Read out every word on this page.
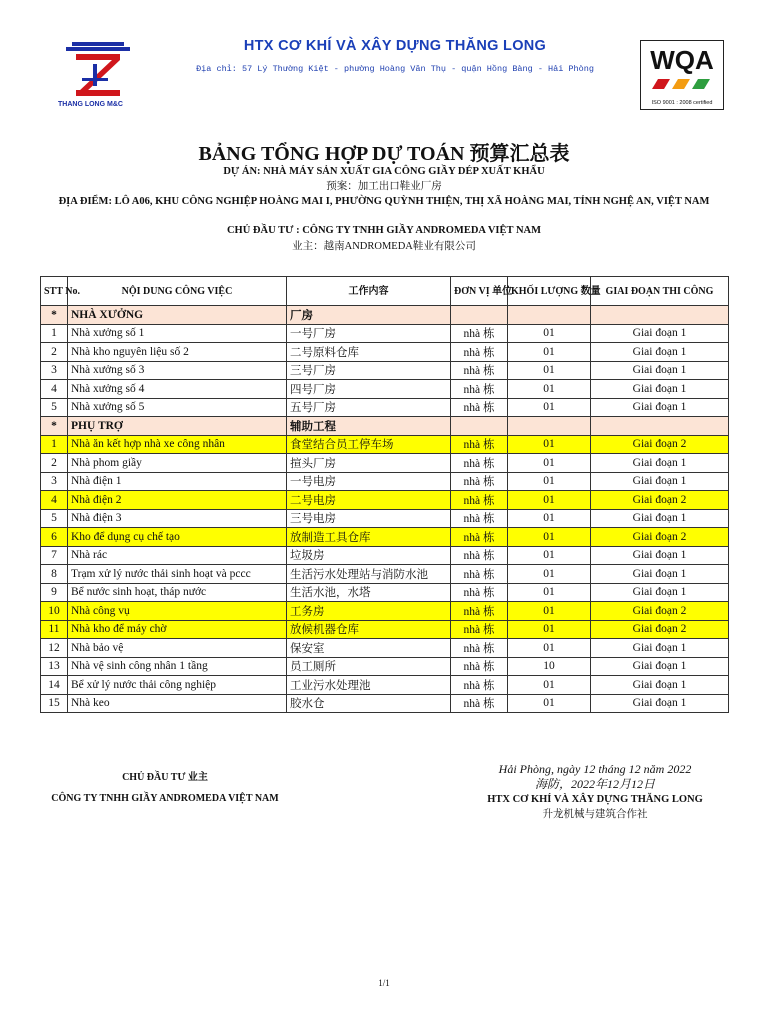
THANG LONG M&C
HTX CƠ KHÍ VÀ XÂY DỰNG THĂNG LONG
Địa chỉ: 57 Lý Thường Kiệt - phường Hoàng Văn Thụ - quận Hồng Bàng - Hải Phòng	WQA
ISO 9001 : 2008 certified
BẢNG TỔNG HỢP DỰ TOÁN 预算汇总表
DỰ ÁN: NHÀ MÁY SẢN XUẤT GIA CÔNG GIẦY DÉP XUẤT KHẨU
预案：加工出口鞋业厂房
ĐỊA ĐIỂM: LÔ A06, KHU CÔNG NGHIỆP HOÀNG MAI I, PHƯỜNG QUỲNH THIỆN, THỊ XÃ HOÀNG MAI, TỈNH NGHỆ AN, VIỆT NAM
CHỦ ĐẦU TƯ : CÔNG TY TNHH GIẦY ANDROMEDA VIỆT NAM
业主：越南ANDROMEDA鞋业有限公司
STT No.	NỘI DUNG CÔNG VIỆC	工作内容	ĐƠN VỊ 单位	KHỐI LƯỢNG 数量	GIAI ĐOẠN THI CÔNG
*	NHÀ XƯỞNG	厂房			
1	Nhà xưởng số 1	一号厂房	nhà 栋	01	Giai đoạn 1
2	Nhà kho nguyên liệu số 2	二号原料仓库	nhà 栋	01	Giai đoạn 1
3	Nhà xưởng số 3	三号厂房	nhà 栋	01	Giai đoạn 1
4	Nhà xưởng số 4	四号厂房	nhà 栋	01	Giai đoạn 1
5	Nhà xưởng số 5	五号厂房	nhà 栋	01	Giai đoạn 1
*	PHỤ TRỢ	辅助工程			
1	Nhà ăn kết hợp nhà xe công nhân	食堂结合员工停车场	nhà 栋	01	Giai đoạn 2
2	Nhà phom giầy	揎头厂房	nhà 栋	01	Giai đoạn 1
3	Nhà điện 1	一号电房	nhà 栋	01	Giai đoạn 1
4	Nhà điện 2	二号电房	nhà 栋	01	Giai đoạn 2
5	Nhà điện 3	三号电房	nhà 栋	01	Giai đoạn 1
6	Kho để dụng cụ chế tạo	放制造工具仓库	nhà 栋	01	Giai đoạn 2
7	Nhà rác	垃圾房	nhà 栋	01	Giai đoạn 1
8	Trạm xử lý nước thải sinh hoạt và pccc	生活污水处理站与消防水池	nhà 栋	01	Giai đoạn 1
9	Bể nước sinh hoạt, tháp nước	生活水池，水塔	nhà 栋	01	Giai đoạn 1
10	Nhà công vụ	工务房	nhà 栋	01	Giai đoạn 2
11	Nhà kho để máy chờ	放候机器仓库	nhà 栋	01	Giai đoạn 2
12	Nhà bảo vệ	保安室	nhà 栋	01	Giai đoạn 1
13	Nhà vệ sinh công nhân 1 tầng	员工厕所	nhà 栋	10	Giai đoạn 1
14	Bể xử lý nước thải công nghiệp	工业污水处理池	nhà 栋	01	Giai đoạn 1
15	Nhà keo	胶水仓	nhà 栋	01	Giai đoạn 1
CHỦ ĐẦU TƯ 业主
CÔNG TY TNHH GIẦY ANDROMEDA VIỆT NAM
Hải Phòng, ngày 12 tháng 12 năm 2022
海防，2022年12月12日
HTX CƠ KHÍ VÀ XÂY DỰNG THĂNG LONG
升龙机械与建筑合作社
1/1
